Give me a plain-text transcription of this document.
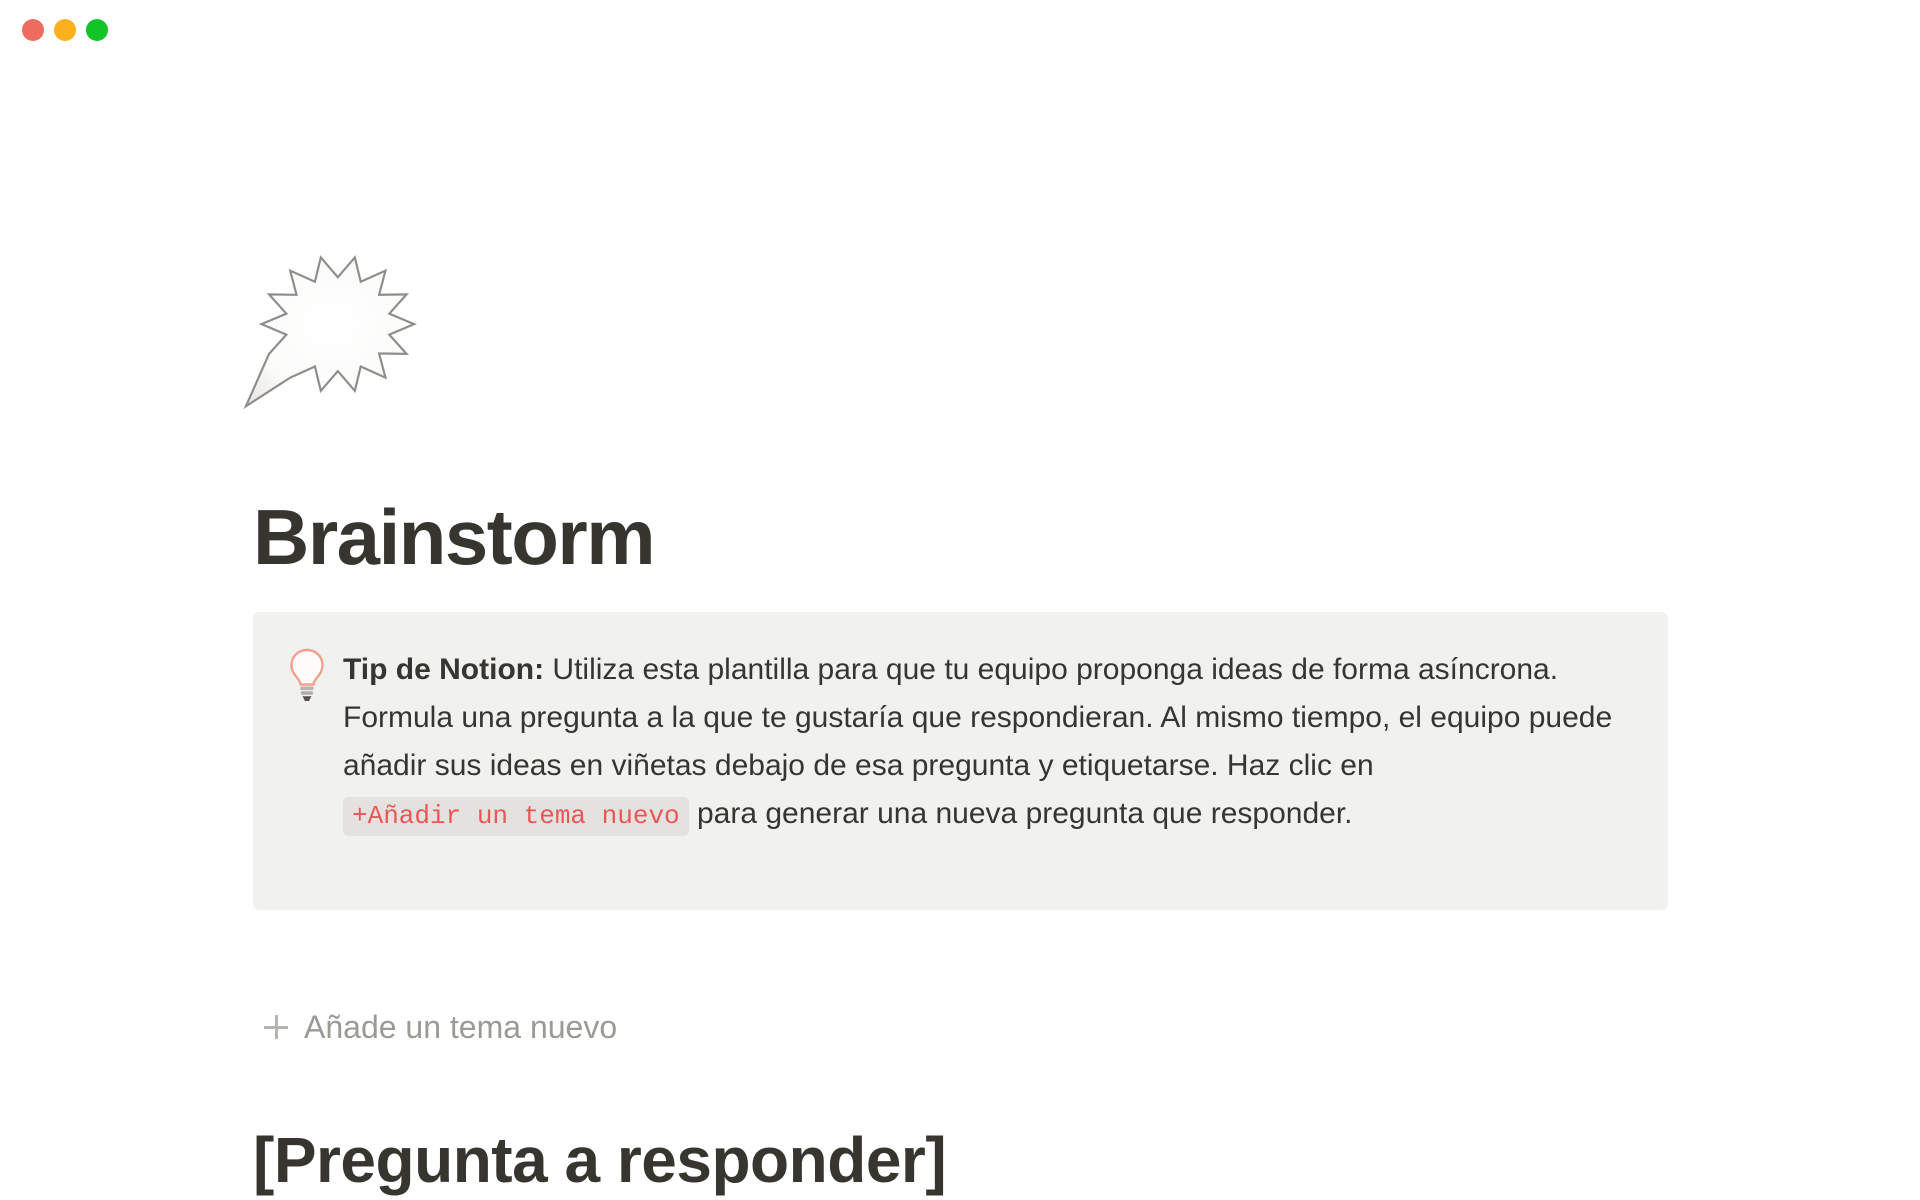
Brainstorm
Tip de Notion: Utiliza esta plantilla para que tu equipo proponga ideas de forma asíncrona. Formula una pregunta a la que te gustaría que respondieran. Al mismo tiempo, el equipo puede añadir sus ideas en viñetas debajo de esa pregunta y etiquetarse. Haz clic en +Añadir un tema nuevo para generar una nueva pregunta que responder.
Añade un tema nuevo
[Pregunta a responder]
